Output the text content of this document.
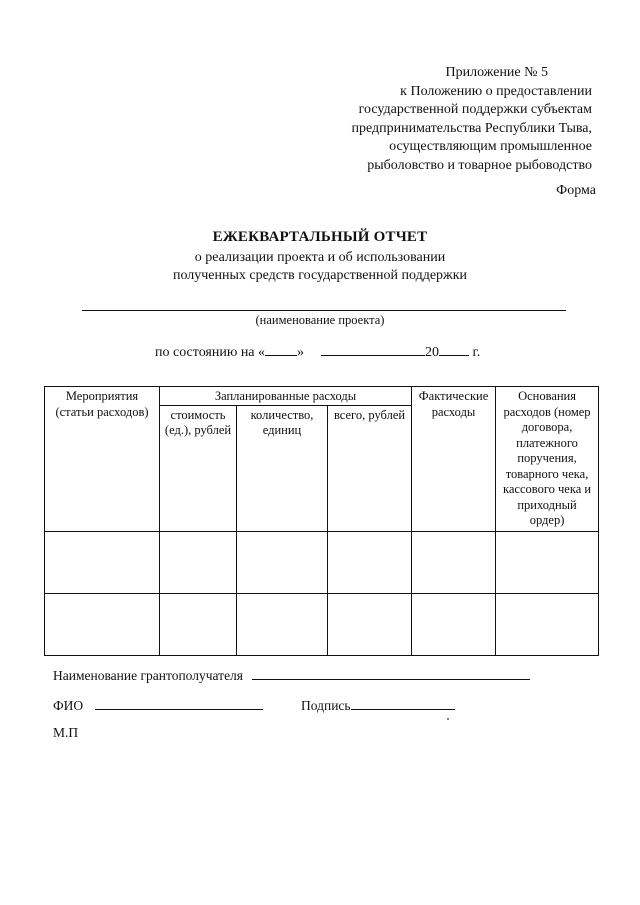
Приложение № 5
к Положению о предоставлении
государственной поддержки субъектам
предпринимательства Республики Тыва,
осуществляющим промышленное
рыболовство и товарное рыбоводство
Форма
ЕЖЕКВАРТАЛЬНЫЙ ОТЧЕТ
о реализации проекта и об использовании
полученных средств государственной поддержки
(наименование проекта)
по состоянию на « »	20 г.
Мероприятия (статьи расходов)	Запланированные расходы			Фактические расходы	Основания расходов (номер договора, платежного поручения, товарного чека, кассового чека и приходный ордер)
	стоимость (ед.), рублей	количество, единиц	всего, рублей		

Наименование грантополучателя
ФИО	Подпись
М.П
